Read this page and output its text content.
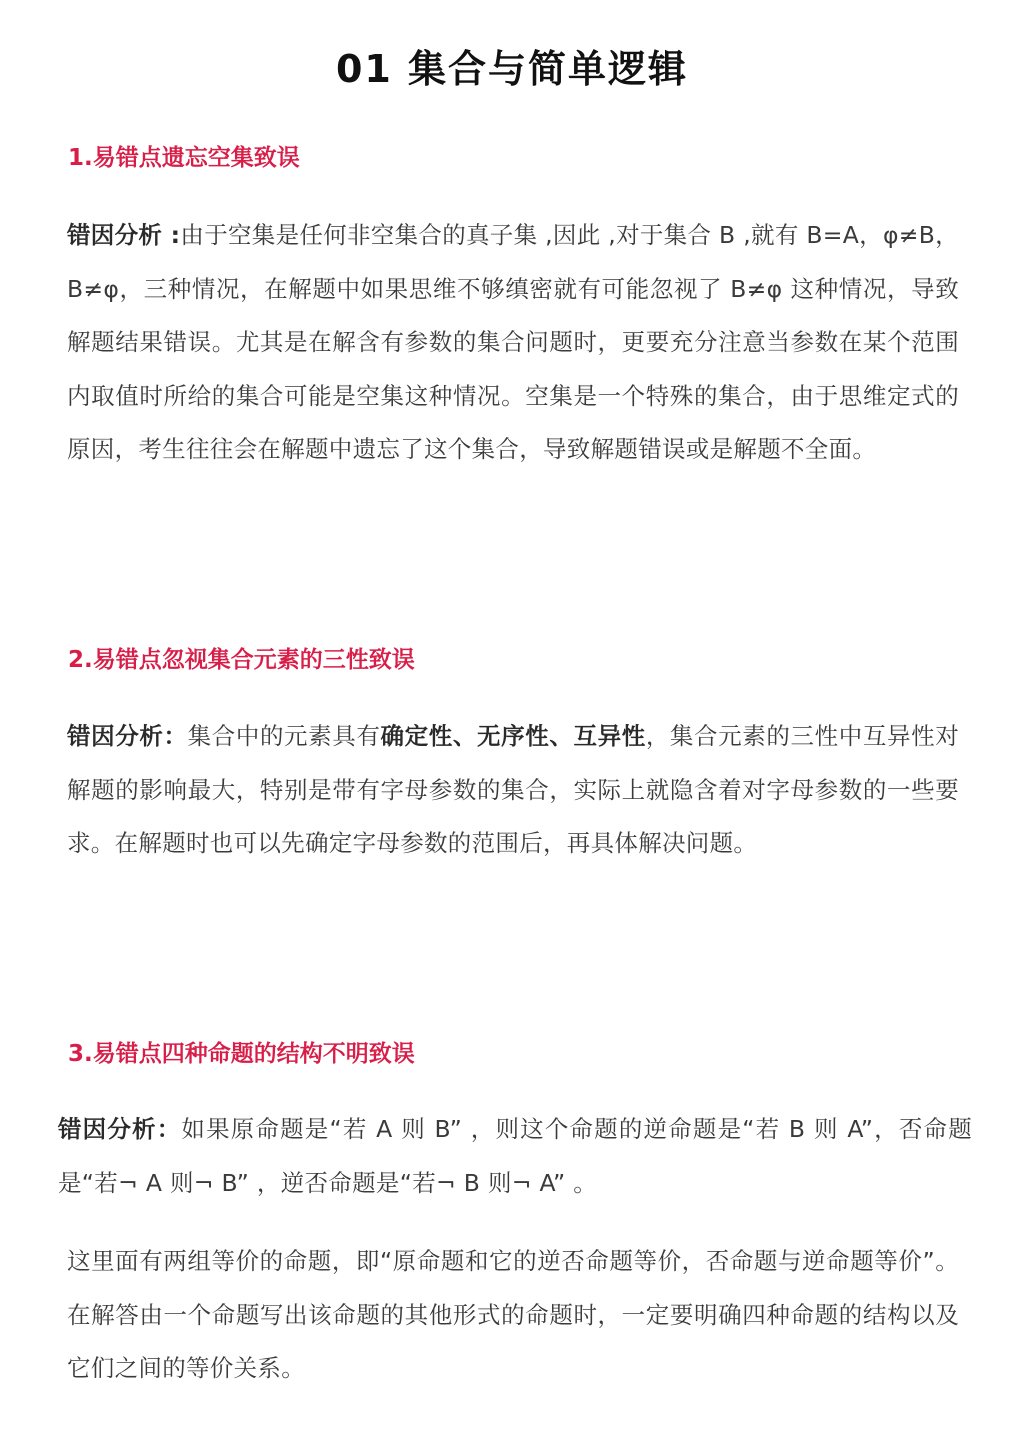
01 集合与简单逻辑
1.易错点遗忘空集致误

错因分析 :由于空集是任何非空集合的真子集 ,因此 ,对于集合 B ,就有 B=A，φ≠B，B≠φ，三种情况，在解题中如果思维不够缜密就有可能忽视了 B≠φ 这种情况，导致解题结果错误。尤其是在解含有参数的集合问题时，更要充分注意当参数在某个范围内取值时所给的集合可能是空集这种情况。空集是一个特殊的集合，由于思维定式的原因，考生往往会在解题中遗忘了这个集合，导致解题错误或是解题不全面。

2.易错点忽视集合元素的三性致误

错因分析：集合中的元素具有确定性、无序性、互异性，集合元素的三性中互异性对解题的影响最大，特别是带有字母参数的集合，实际上就隐含着对字母参数的一些要求。在解题时也可以先确定字母参数的范围后，再具体解决问题。

3.易错点四种命题的结构不明致误

错因分析：如果原命题是“若 A 则 B” ，则这个命题的逆命题是“若 B 则 A”，否命题是“若¬ A 则¬ B” ，逆否命题是“若¬ B 则¬ A” 。

这里面有两组等价的命题，即“原命题和它的逆否命题等价，否命题与逆命题等价”。在解答由一个命题写出该命题的其他形式的命题时，一定要明确四种命题的结构以及它们之间的等价关系。
